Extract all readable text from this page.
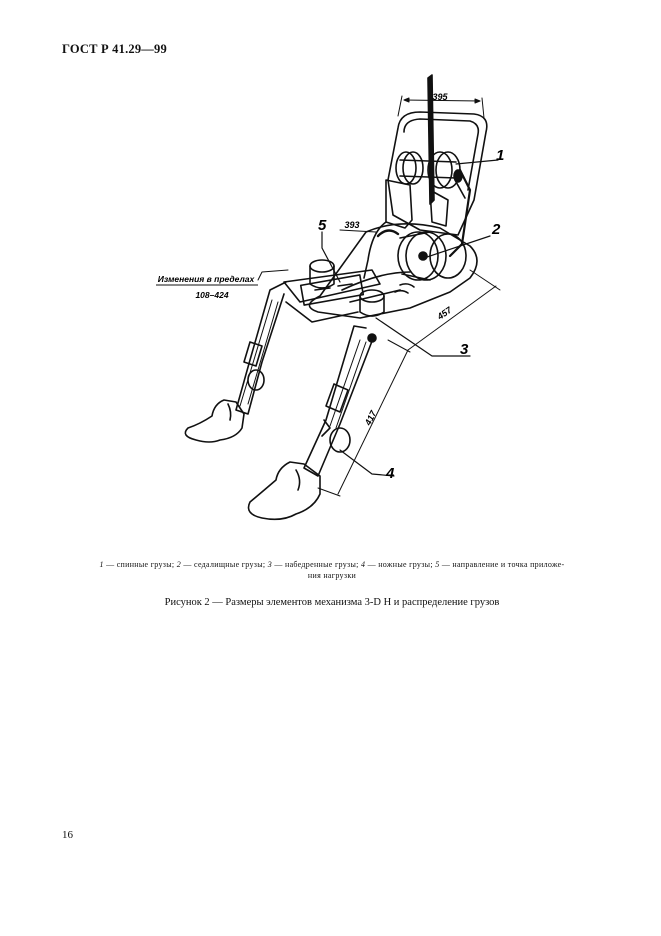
ГОСТ Р 41.29—99
395
393
457
417
1
2
3
4
5
Изменения в пределах
108–424
1 — спинные грузы; 2 — седалищные грузы; 3 — набедренные грузы; 4 — ножные грузы; 5 — направление и точка приложе-
ния нагрузки
Рисунок 2 — Размеры элементов механизма 3-D H и распределение грузов
16
